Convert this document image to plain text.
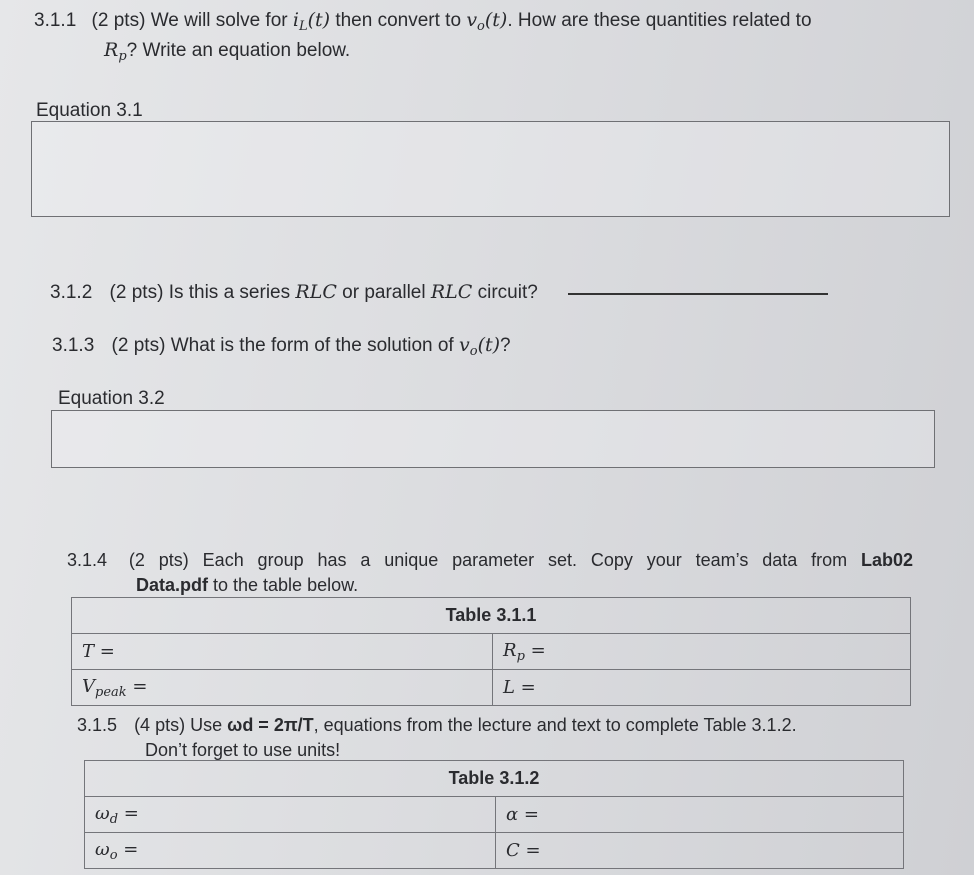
3.1.1 (2 pts) We will solve for $i_L(t)$ then convert to $v_o(t)$. How are these quantities related to
$R_p$? Write an equation below.
Equation 3.1
3.1.2 (2 pts) Is this a series RLC or parallel RLC circuit?
3.1.3 (2 pts) What is the form of the solution of $v_o(t)$?
Equation 3.2
3.1.4 (2 pts) Each group has a unique parameter set. Copy your team’s data from Lab02
Data.pdf to the table below.
Table 3.1.1	
T =	$R_p$ =
$V_{peak}$ =	L =
3.1.5 (4 pts) Use ωd = 2π/T, equations from the lecture and text to complete Table 3.1.2.
Don’t forget to use units!
Table 3.1.2	
$\omega_d$ =	α =
$\omega_o$ =	C =
